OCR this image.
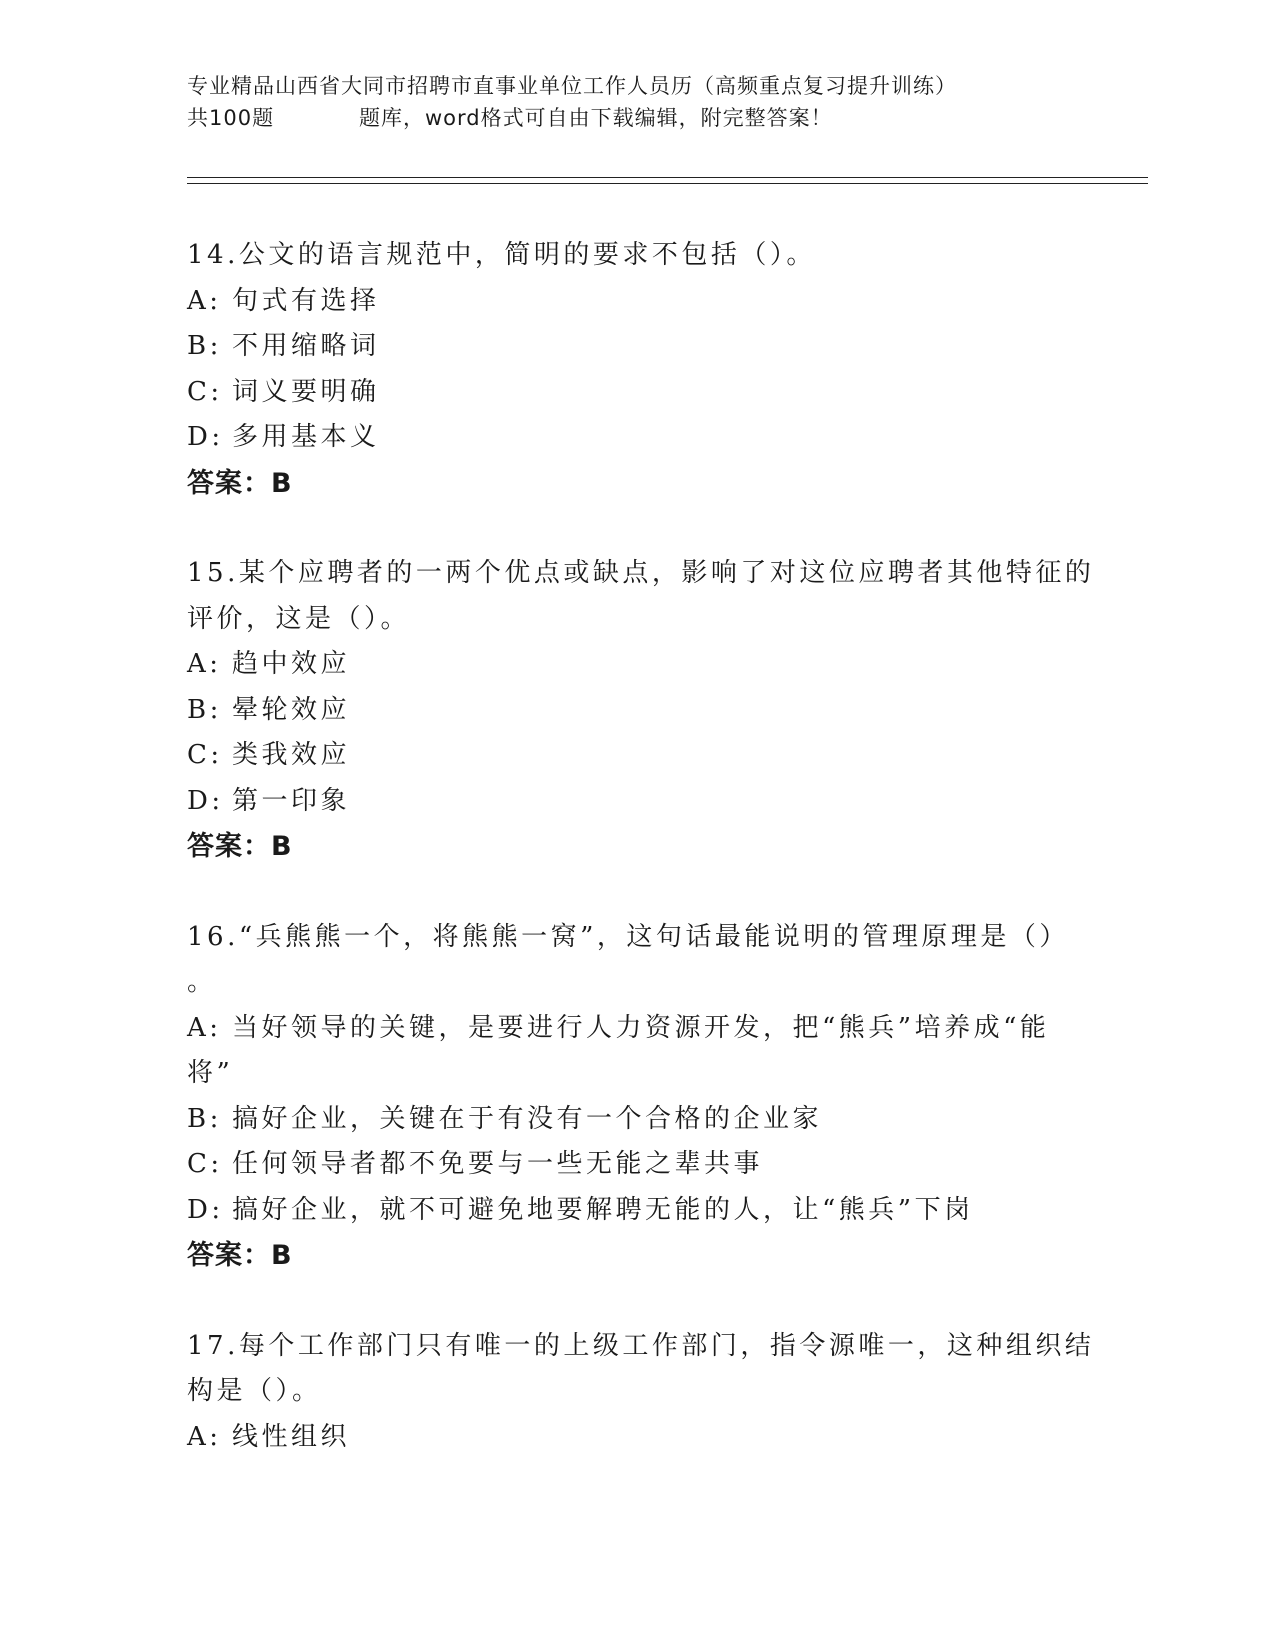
专业精品山西省大同市招聘市直事业单位工作人员历（高频重点复习提升训练）
共100题	题库，word格式可自由下载编辑，附完整答案！
14.公文的语言规范中，简明的要求不包括（）。
A: 句式有选择
B: 不用缩略词
C: 词义要明确
D: 多用基本义
答案：B
15.某个应聘者的一两个优点或缺点，影响了对这位应聘者其他特征的
评价，这是（）。
A: 趋中效应
B: 晕轮效应
C: 类我效应
D: 第一印象
答案：B
16.“兵熊熊一个，将熊熊一窝”，这句话最能说明的管理原理是（）
。
A: 当好领导的关键，是要进行人力资源开发，把“熊兵”培养成“能
将”
B: 搞好企业，关键在于有没有一个合格的企业家
C: 任何领导者都不免要与一些无能之辈共事
D: 搞好企业，就不可避免地要解聘无能的人，让“熊兵”下岗
答案：B
17.每个工作部门只有唯一的上级工作部门，指令源唯一，这种组织结
构是（）。
A: 线性组织
